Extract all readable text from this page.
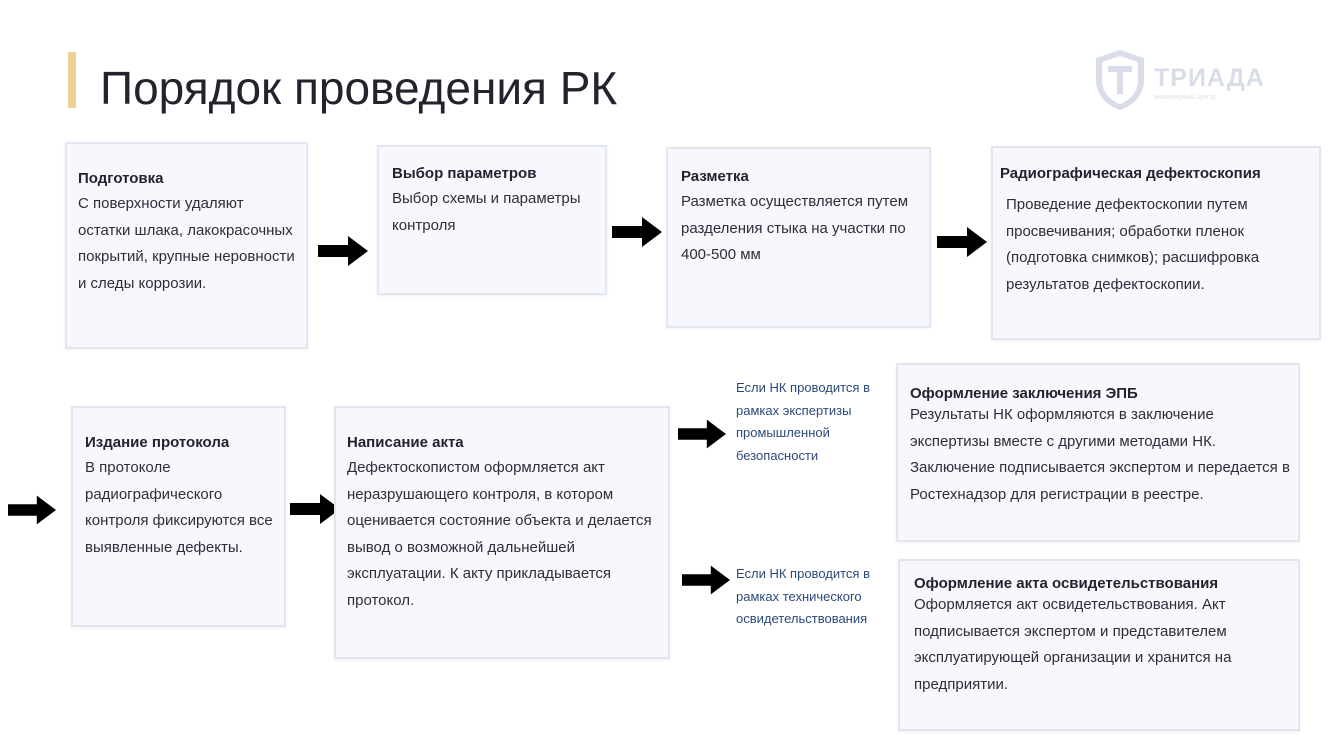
Порядок проведения РК	ТРИАДА
инженерный центр
Подготовка
С поверхности удаляют остатки шлака, лакокрасочных покрытий, крупные неровности и следы коррозии.
Выбор параметров
Выбор схемы и параметры контроля
Разметка
Разметка осуществляется путем разделения стыка на участки по 400-500 мм
Радиографическая дефектоскопия
Проведение дефектоскопии путем просвечивания; обработки пленок (подготовка снимков); расшифровка результатов дефектоскопии.
Издание протокола
В протоколе радиографического контроля фиксируются все выявленные дефекты.
Написание акта
Дефектоскопистом оформляется акт неразрушающего контроля, в котором оценивается состояние объекта и делается вывод о возможной дальнейшей эксплуатации. К акту прикладывается протокол.
Если НК проводится в рамках экспертизы промышленной безопасности
Если НК проводится в рамках технического освидетельствования
Оформление заключения ЭПБ
Результаты НК оформляются в заключение экспертизы вместе с другими методами НК. Заключение подписывается экспертом и передается в Ростехнадзор для регистрации в реестре.
Оформление акта освидетельствования
Оформляется акт освидетельствования. Акт подписывается экспертом и представителем эксплуатирующей организации и хранится на предприятии.
